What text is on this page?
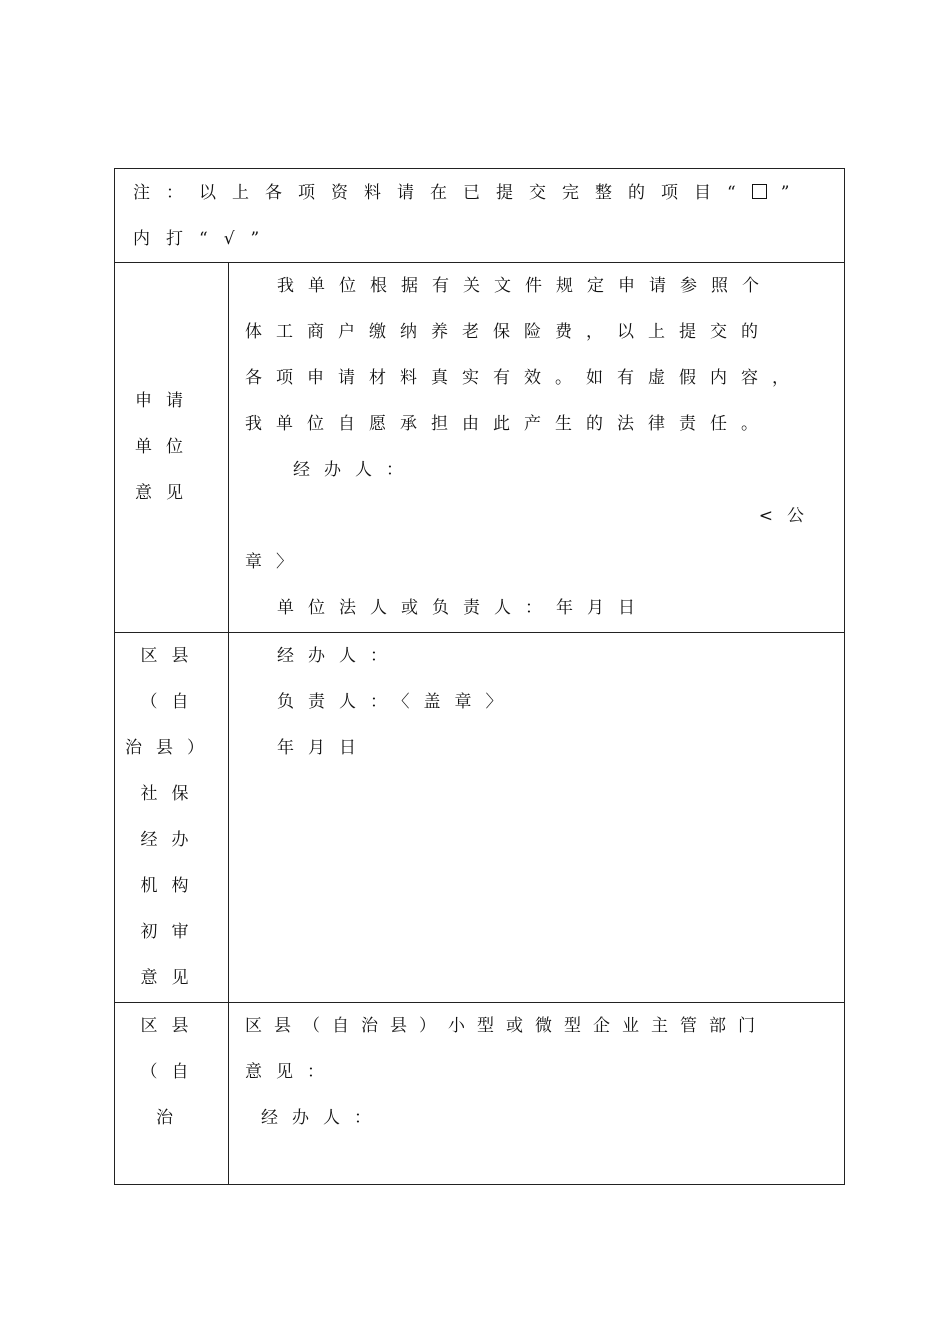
注：以上各项资料请在已提交完整的项目“ ”
内打“√”
申请
单位
意见
我单位根据有关文件规定申请参照个
体工商户缴纳养老保险费，以上提交的
各项申请材料真实有效。如有虚假内容，
我单位自愿承担由此产生的法律责任。
经办人：
<公
章〉
单位法人或负责人：年月日
区县
（自
治县）
社保
经办
机构
初审
意见
经办人：
负责人：〈盖章〉
年月日
区县
（自
治
区县（自治县）小型或微型企业主管部门
意见：
经办人：
